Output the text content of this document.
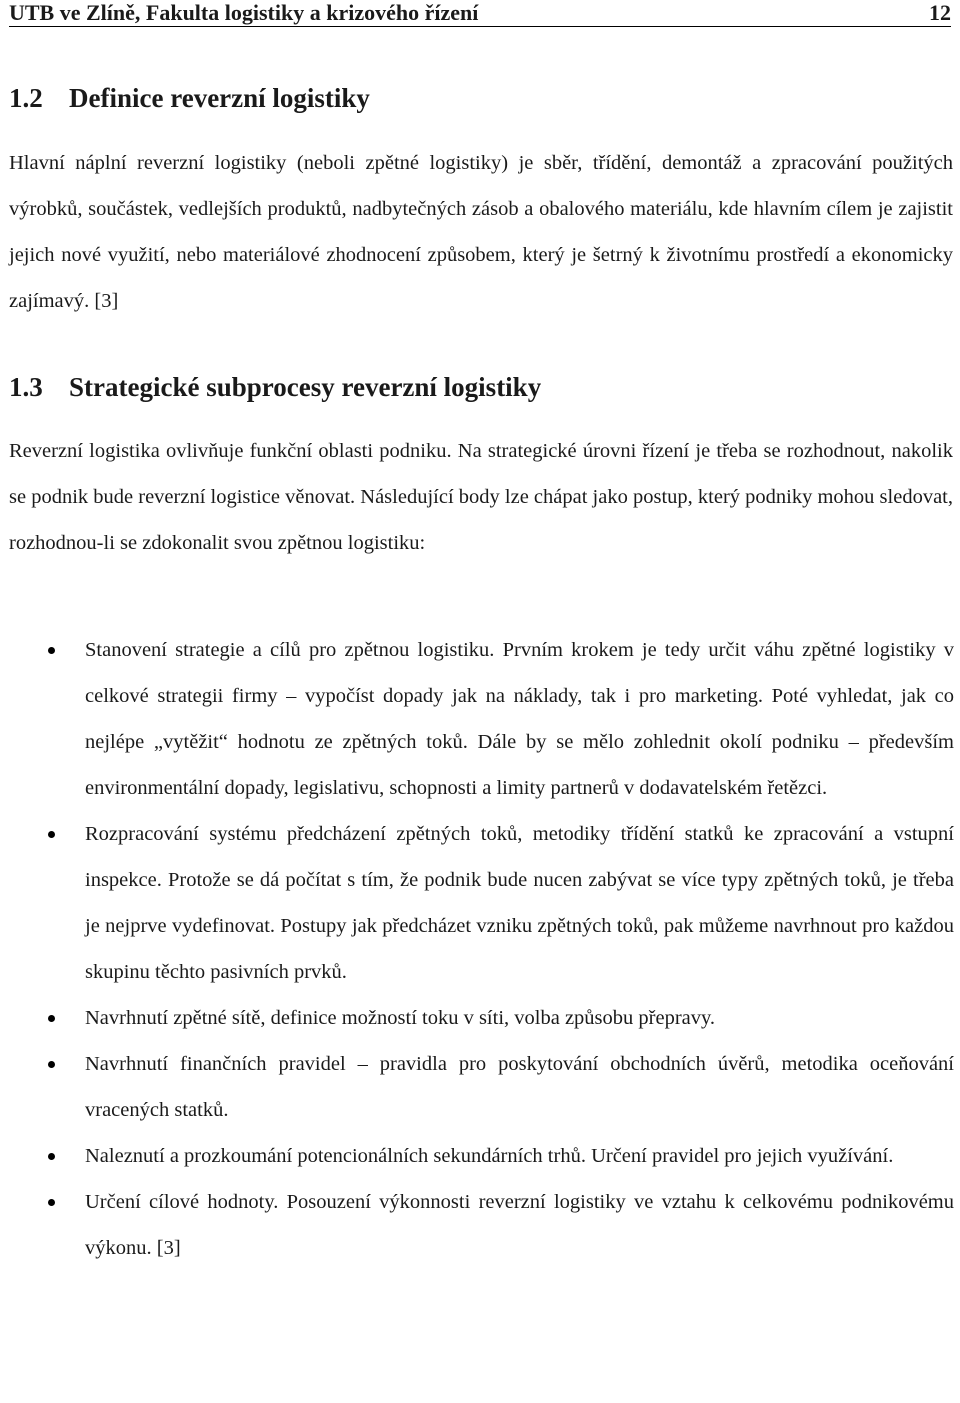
UTB ve Zlíně, Fakulta logistiky a krizového řízení	12
1.2 Definice reverzní logistiky

Hlavní náplní reverzní logistiky (neboli zpětné logistiky) je sběr, třídění, demontáž a zpracování použitých výrobků, součástek, vedlejších produktů, nadbytečných zásob a obalového materiálu, kde hlavním cílem je zajistit jejich nové využití, nebo materiálové zhodnocení způsobem, který je šetrný k životnímu prostředí a ekonomicky zajímavý. [3]

1.3 Strategické subprocesy reverzní logistiky

Reverzní logistika ovlivňuje funkční oblasti podniku. Na strategické úrovni řízení je třeba se rozhodnout, nakolik se podnik bude reverzní logistice věnovat. Následující body lze chápat jako postup, který podniky mohou sledovat, rozhodnou-li se zdokonalit svou zpětnou logistiku:

Stanovení strategie a cílů pro zpětnou logistiku. Prvním krokem je tedy určit váhu zpětné logistiky v celkové strategii firmy – vypočíst dopady jak na náklady, tak i pro marketing. Poté vyhledat, jak co nejlépe „vytěžit“ hodnotu ze zpětných toků. Dále by se mělo zohlednit okolí podniku – především environmentální dopady, legislativu, schopnosti a limity partnerů v dodavatelském řetězci.
Rozpracování systému předcházení zpětných toků, metodiky třídění statků ke zpracování a vstupní inspekce. Protože se dá počítat s tím, že podnik bude nucen zabývat se více typy zpětných toků, je třeba je nejprve vydefinovat. Postupy jak předcházet vzniku zpětných toků, pak můžeme navrhnout pro každou skupinu těchto pasivních prvků.
Navrhnutí zpětné sítě, definice možností toku v síti, volba způsobu přepravy.
Navrhnutí finančních pravidel – pravidla pro poskytování obchodních úvěrů, metodika oceňování vracených statků.
Naleznutí a prozkoumání potencionálních sekundárních trhů. Určení pravidel pro jejich využívání.
Určení cílové hodnoty. Posouzení výkonnosti reverzní logistiky ve vztahu k celkovému podnikovému výkonu. [3]
